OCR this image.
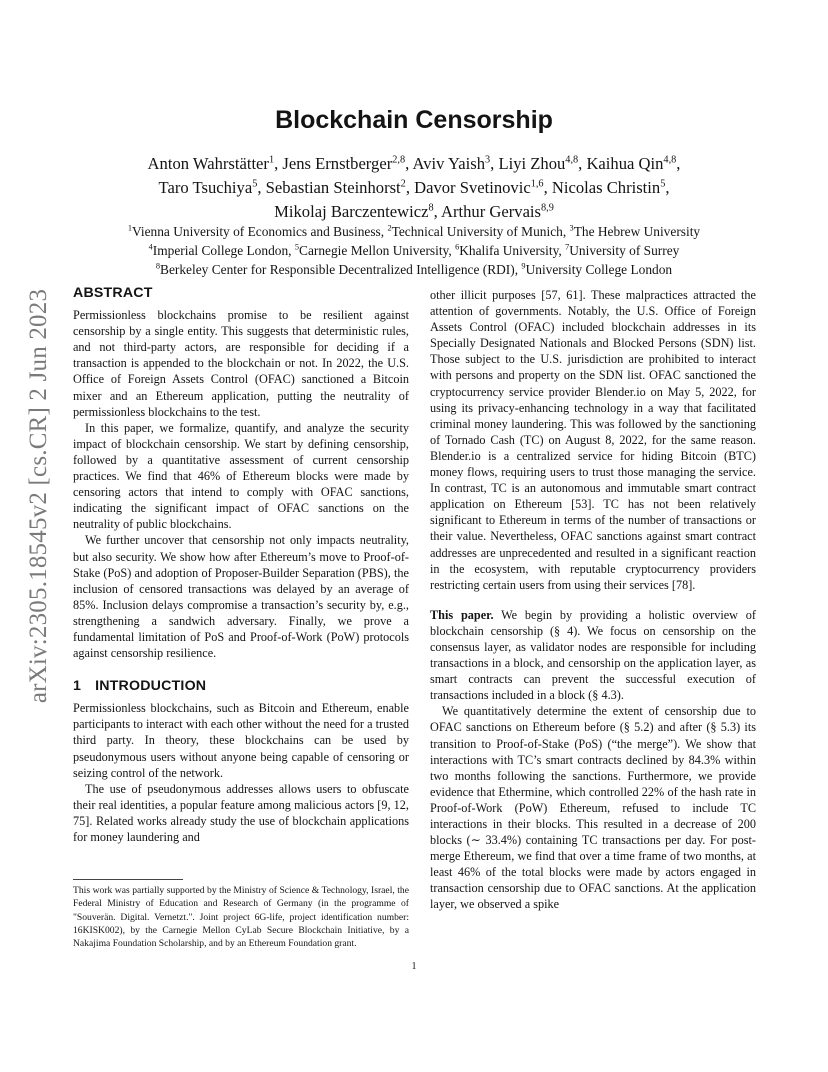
arXiv:2305.18545v2 [cs.CR] 2 Jun 2023
Blockchain Censorship
Anton Wahrstätter$^1$, Jens Ernstberger$^{2,8}$, Aviv Yaish$^3$, Liyi Zhou$^{4,8}$, Kaihua Qin$^{4,8}$,
Taro Tsuchiya$^5$, Sebastian Steinhorst$^2$, Davor Svetinovic$^{1,6}$, Nicolas Christin$^5$,
Mikolaj Barczentewicz$^8$, Arthur Gervais$^{8,9}$
$^1$Vienna University of Economics and Business, $^2$Technical University of Munich, $^3$The Hebrew University
$^4$Imperial College London, $^5$Carnegie Mellon University, $^6$Khalifa University, $^7$University of Surrey
$^8$Berkeley Center for Responsible Decentralized Intelligence (RDI), $^9$University College London
ABSTRACT

Permissionless blockchains promise to be resilient against censorship by a single entity. This suggests that deterministic rules, and not third-party actors, are responsible for deciding if a transaction is appended to the blockchain or not. In 2022, the U.S. Office of Foreign Assets Control (OFAC) sanctioned a Bitcoin mixer and an Ethereum application, putting the neutrality of permissionless blockchains to the test.

In this paper, we formalize, quantify, and analyze the security impact of blockchain censorship. We start by defining censorship, followed by a quantitative assessment of current censorship practices. We find that 46% of Ethereum blocks were made by censoring actors that intend to comply with OFAC sanctions, indicating the significant impact of OFAC sanctions on the neutrality of public blockchains.

We further uncover that censorship not only impacts neutrality, but also security. We show how after Ethereum’s move to Proof-of-Stake (PoS) and adoption of Proposer-Builder Separation (PBS), the inclusion of censored transactions was delayed by an average of 85%. Inclusion delays compromise a transaction’s security by, e.g., strengthening a sandwich adversary. Finally, we prove a fundamental limitation of PoS and Proof-of-Work (PoW) protocols against censorship resilience.

1 INTRODUCTION

Permissionless blockchains, such as Bitcoin and Ethereum, enable participants to interact with each other without the need for a trusted third party. In theory, these blockchains can be used by pseudonymous users without anyone being capable of censoring or seizing control of the network.

The use of pseudonymous addresses allows users to obfuscate their real identities, a popular feature among malicious actors [9, 12, 75]. Related works already study the use of blockchain applications for money laundering and

This work was partially supported by the Ministry of Science & Technology, Israel, the Federal Ministry of Education and Research of Germany (in the programme of "Souverän. Digital. Vernetzt.". Joint project 6G-life, project identification number: 16KISK002), by the Carnegie Mellon CyLab Secure Blockchain Initiative, by a Nakajima Foundation Scholarship, and by an Ethereum Foundation grant.

other illicit purposes [57, 61]. These malpractices attracted the attention of governments. Notably, the U.S. Office of Foreign Assets Control (OFAC) included blockchain addresses in its Specially Designated Nationals and Blocked Persons (SDN) list. Those subject to the U.S. jurisdiction are prohibited to interact with persons and property on the SDN list. OFAC sanctioned the cryptocurrency service provider Blender.io on May 5, 2022, for using its privacy-enhancing technology in a way that facilitated criminal money laundering. This was followed by the sanctioning of Tornado Cash (TC) on August 8, 2022, for the same reason. Blender.io is a centralized service for hiding Bitcoin (BTC) money flows, requiring users to trust those managing the service. In contrast, TC is an autonomous and immutable smart contract application on Ethereum [53]. TC has not been relatively significant to Ethereum in terms of the number of transactions or their value. Nevertheless, OFAC sanctions against smart contract addresses are unprecedented and resulted in a significant reaction in the ecosystem, with reputable cryptocurrency providers restricting certain users from using their services [78].

This paper. We begin by providing a holistic overview of blockchain censorship (§ 4). We focus on censorship on the consensus layer, as validator nodes are responsible for including transactions in a block, and censorship on the application layer, as smart contracts can prevent the successful execution of transactions included in a block (§ 4.3).

We quantitatively determine the extent of censorship due to OFAC sanctions on Ethereum before (§ 5.2) and after (§ 5.3) its transition to Proof-of-Stake (PoS) (“the merge”). We show that interactions with TC’s smart contracts declined by 84.3% within two months following the sanctions. Furthermore, we provide evidence that Ethermine, which controlled 22% of the hash rate in Proof-of-Work (PoW) Ethereum, refused to include TC interactions in their blocks. This resulted in a decrease of 200 blocks (∼ 33.4%) containing TC transactions per day. For post-merge Ethereum, we find that over a time frame of two months, at least 46% of the total blocks were made by actors engaged in transaction censorship due to OFAC sanctions. At the application layer, we observed a spike

1
